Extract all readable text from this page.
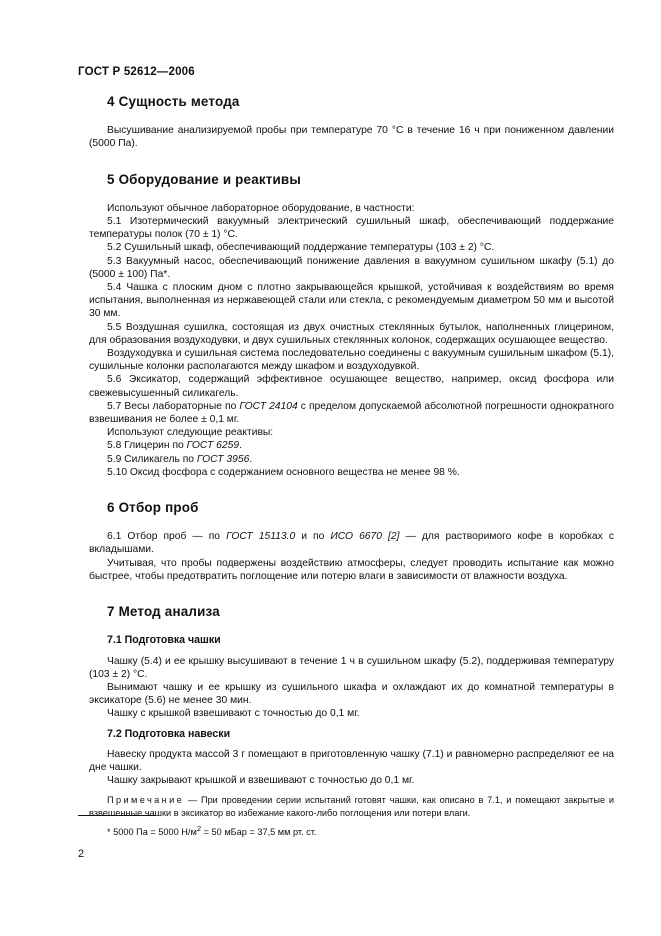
ГОСТ Р 52612—2006
4 Сущность метода

Высушивание анализируемой пробы при температуре 70 °С в течение 16 ч при пониженном давлении (5000 Па).

5 Оборудование и реактивы

Используют обычное лабораторное оборудование, в частности:

5.1 Изотермический вакуумный электрический сушильный шкаф, обеспечивающий поддержание температуры полок (70 ± 1) °С.

5.2 Сушильный шкаф, обеспечивающий поддержание температуры (103 ± 2) °С.

5.3 Вакуумный насос, обеспечивающий понижение давления в вакуумном сушильном шкафу (5.1) до (5000 ± 100) Па*.

5.4 Чашка с плоским дном с плотно закрывающейся крышкой, устойчивая к воздействиям во время испытания, выполненная из нержавеющей стали или стекла, с рекомендуемым диаметром 50 мм и высотой 30 мм.

5.5 Воздушная сушилка, состоящая из двух очистных стеклянных бутылок, наполненных глицерином, для образования воздуходувки, и двух сушильных стеклянных колонок, содержащих осушающее вещество.

Воздуходувка и сушильная система последовательно соединены с вакуумным сушильным шкафом (5.1), сушильные колонки располагаются между шкафом и воздуходувкой.

5.6 Эксикатор, содержащий эффективное осушающее вещество, например, оксид фосфора или свежевысушенный силикагель.

5.7 Весы лабораторные по ГОСТ 24104 с пределом допускаемой абсолютной погрешности однократного взвешивания не более ± 0,1 мг.

Используют следующие реактивы:

5.8 Глицерин по ГОСТ 6259.

5.9 Силикагель по ГОСТ 3956.

5.10 Оксид фосфора с содержанием основного вещества не менее 98 %.

6 Отбор проб

6.1 Отбор проб — по ГОСТ 15113.0 и по ИСО 6670 [2] — для растворимого кофе в коробках с вкладышами.

Учитывая, что пробы подвержены воздействию атмосферы, следует проводить испытание как можно быстрее, чтобы предотвратить поглощение или потерю влаги в зависимости от влажности воздуха.

7 Метод анализа
7.1 Подготовка чашки

Чашку (5.4) и ее крышку высушивают в течение 1 ч в сушильном шкафу (5.2), поддерживая температуру (103 ± 2) °С.

Вынимают чашку и ее крышку из сушильного шкафа и охлаждают их до комнатной температуры в эксикаторе (5.6) не менее 30 мин.

Чашку с крышкой взвешивают с точностью до 0,1 мг.

7.2 Подготовка навески

Навеску продукта массой 3 г помещают в приготовленную чашку (7.1) и равномерно распределяют ее на дне чашки.

Чашку закрывают крышкой и взвешивают с точностью до 0,1 мг.

Примечание — При проведении серии испытаний готовят чашки, как описано в 7.1, и помещают закрытые и взвешенные чашки в эксикатор во избежание какого-либо поглощения или потери влаги.

* 5000 Па = 5000 $Н/м^2 = 50$ мБар = 37,5 мм рт. ст.
2
